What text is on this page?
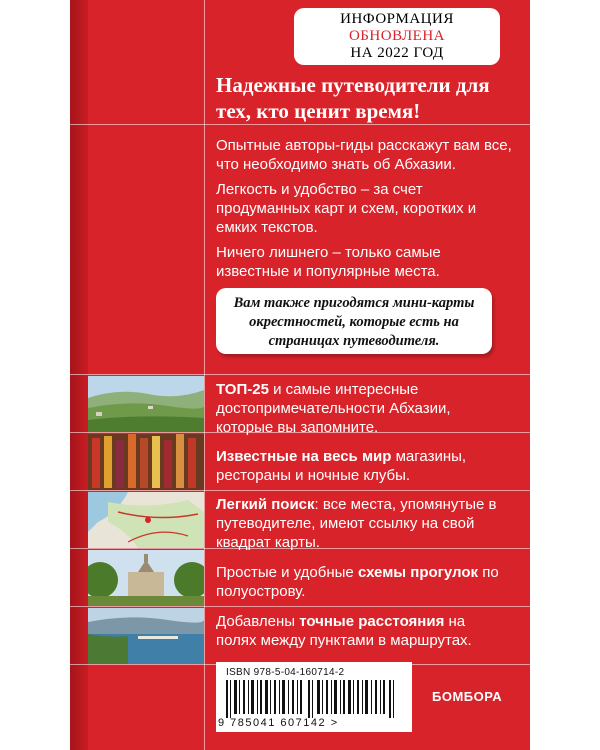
ИНФОРМАЦИЯ
ОБНОВЛЕНА
НА 2022 ГОД
Надежные путеводители для тех, кто ценит время!
Опытные авторы-гиды расскажут вам все, что необходимо знать об Абхазии.
Легкость и удобство – за счет продуманных карт и схем, коротких и емких текстов.
Ничего лишнего – только самые известные и популярные места.
Вам также пригодятся мини-карты окрестностей, которые есть на страницах путеводителя.
ТОП-25 и самые интересные достопримечательности Абхазии, которые вы запомните.
Известные на весь мир магазины, рестораны и ночные клубы.
Легкий поиск: все места, упомянутые в путеводителе, имеют ссылку на свой квадрат карты.
Простые и удобные схемы прогулок по полуострову.
Добавлены точные расстояния на полях между пунктами в маршрутах.
ISBN 978-5-04-160714-2
9 785041 607142 >
БОМБОРА
